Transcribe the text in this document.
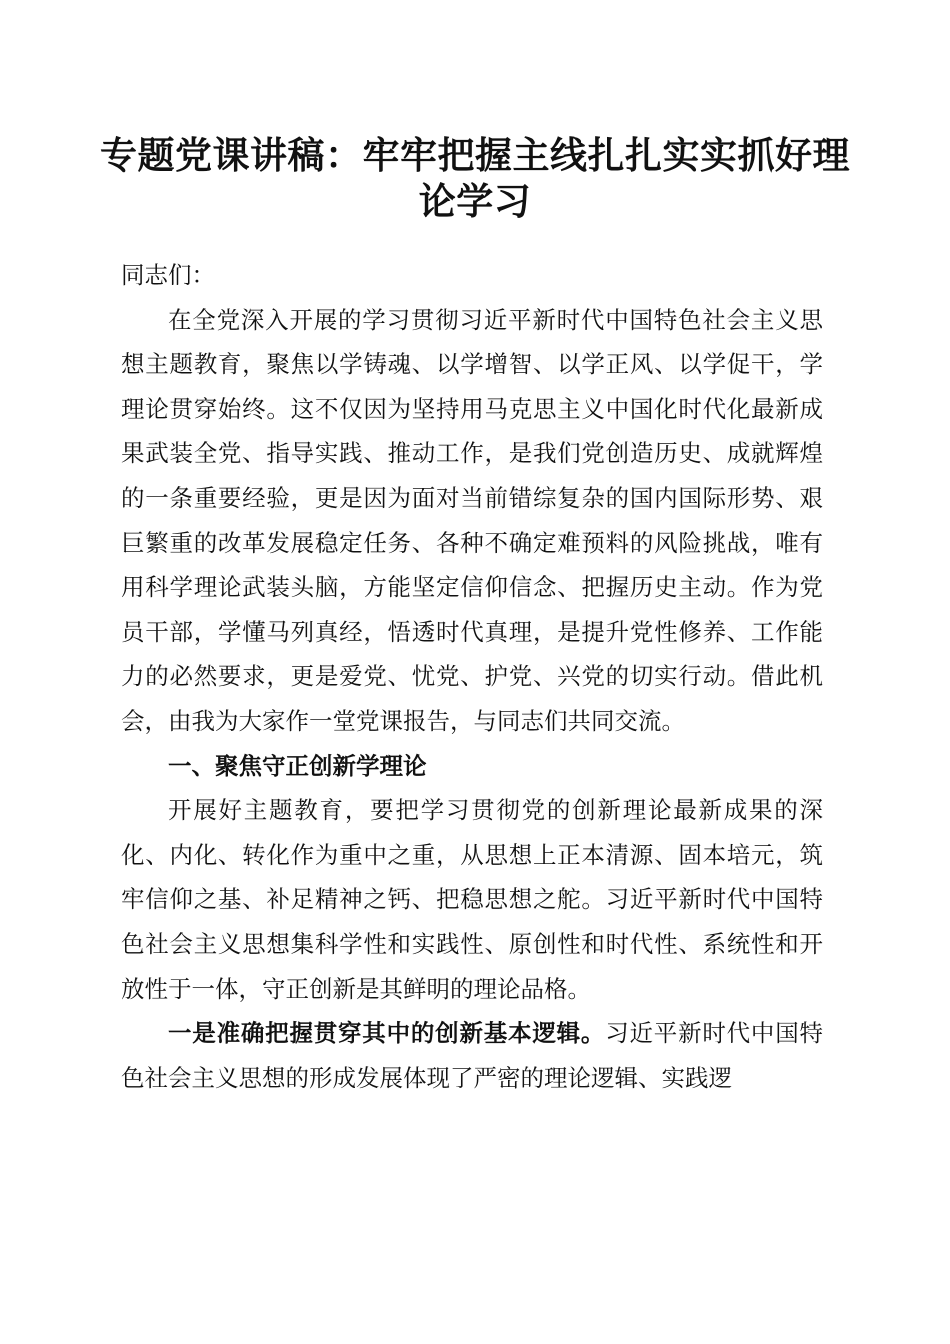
专题党课讲稿：牢牢把握主线扎扎实实抓好理
论学习

同志们：

在全党深入开展的学习贯彻习近平新时代中国特色社会主义思想主题教育，聚焦以学铸魂、以学增智、以学正风、以学促干，学理论贯穿始终。这不仅因为坚持用马克思主义中国化时代化最新成果武装全党、指导实践、推动工作，是我们党创造历史、成就辉煌的一条重要经验，更是因为面对当前错综复杂的国内国际形势、艰巨繁重的改革发展稳定任务、各种不确定难预料的风险挑战，唯有用科学理论武装头脑，方能坚定信仰信念、把握历史主动。作为党员干部，学懂马列真经，悟透时代真理，是提升党性修养、工作能力的必然要求，更是爱党、忧党、护党、兴党的切实行动。借此机会，由我为大家作一堂党课报告，与同志们共同交流。

一、聚焦守正创新学理论

开展好主题教育，要把学习贯彻党的创新理论最新成果的深化、内化、转化作为重中之重，从思想上正本清源、固本培元，筑牢信仰之基、补足精神之钙、把稳思想之舵。习近平新时代中国特色社会主义思想集科学性和实践性、原创性和时代性、系统性和开放性于一体，守正创新是其鲜明的理论品格。

一是准确把握贯穿其中的创新基本逻辑。习近平新时代中国特色社会主义思想的形成发展体现了严密的理论逻辑、实践逻
